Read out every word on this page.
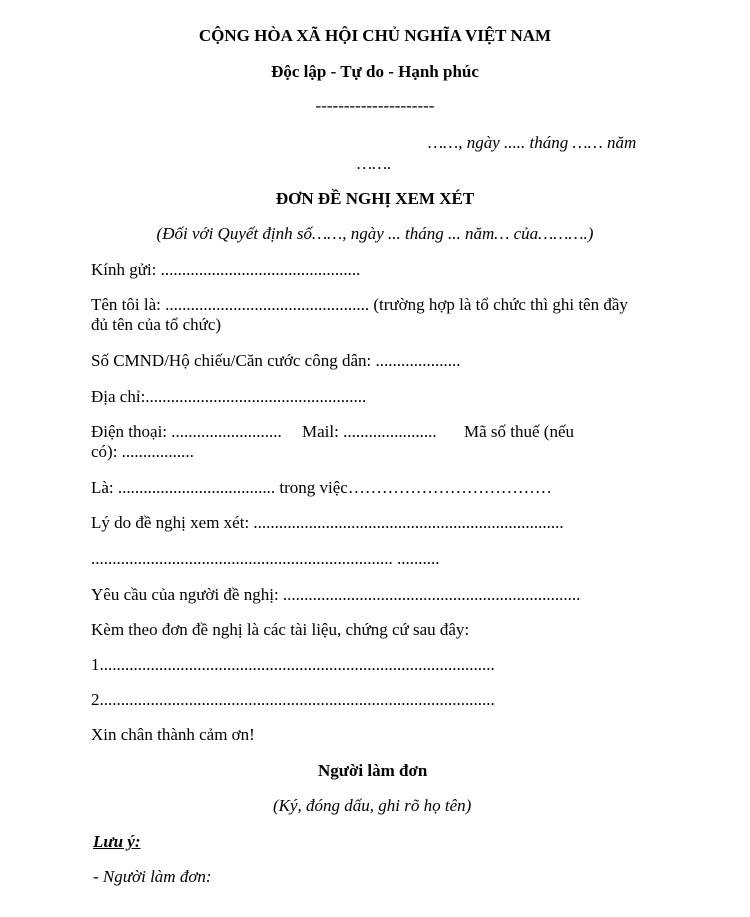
CỘNG HÒA XÃ HỘI CHỦ NGHĨA VIỆT NAM
Độc lập - Tự do - Hạnh phúc
---------------------
……, ngày ..... tháng …… năm
…….
ĐƠN ĐỀ NGHỊ XEM XÉT
(Đối với Quyết định số……, ngày ... tháng ... năm… của……….)
Kính gửi: ...............................................
Tên tôi là: ................................................ (trường hợp là tổ chức thì ghi tên đầy
đủ tên của tổ chức)
Số CMND/Hộ chiếu/Căn cước công dân: ....................
Địa chỉ:....................................................
Điện thoại: .......................... Mail: ...................... Mã số thuế (nếu
có): .................
Là: ..................................... trong việc………………………………
Lý do đề nghị xem xét: .........................................................................
....................................................................... ..........
Yêu cầu của người đề nghị: ......................................................................
Kèm theo đơn đề nghị là các tài liệu, chứng cứ sau đây:
1.............................................................................................
2.............................................................................................
Xin chân thành cảm ơn!
Người làm đơn
(Ký, đóng dấu, ghi rõ họ tên)
Lưu ý:
- Người làm đơn:
